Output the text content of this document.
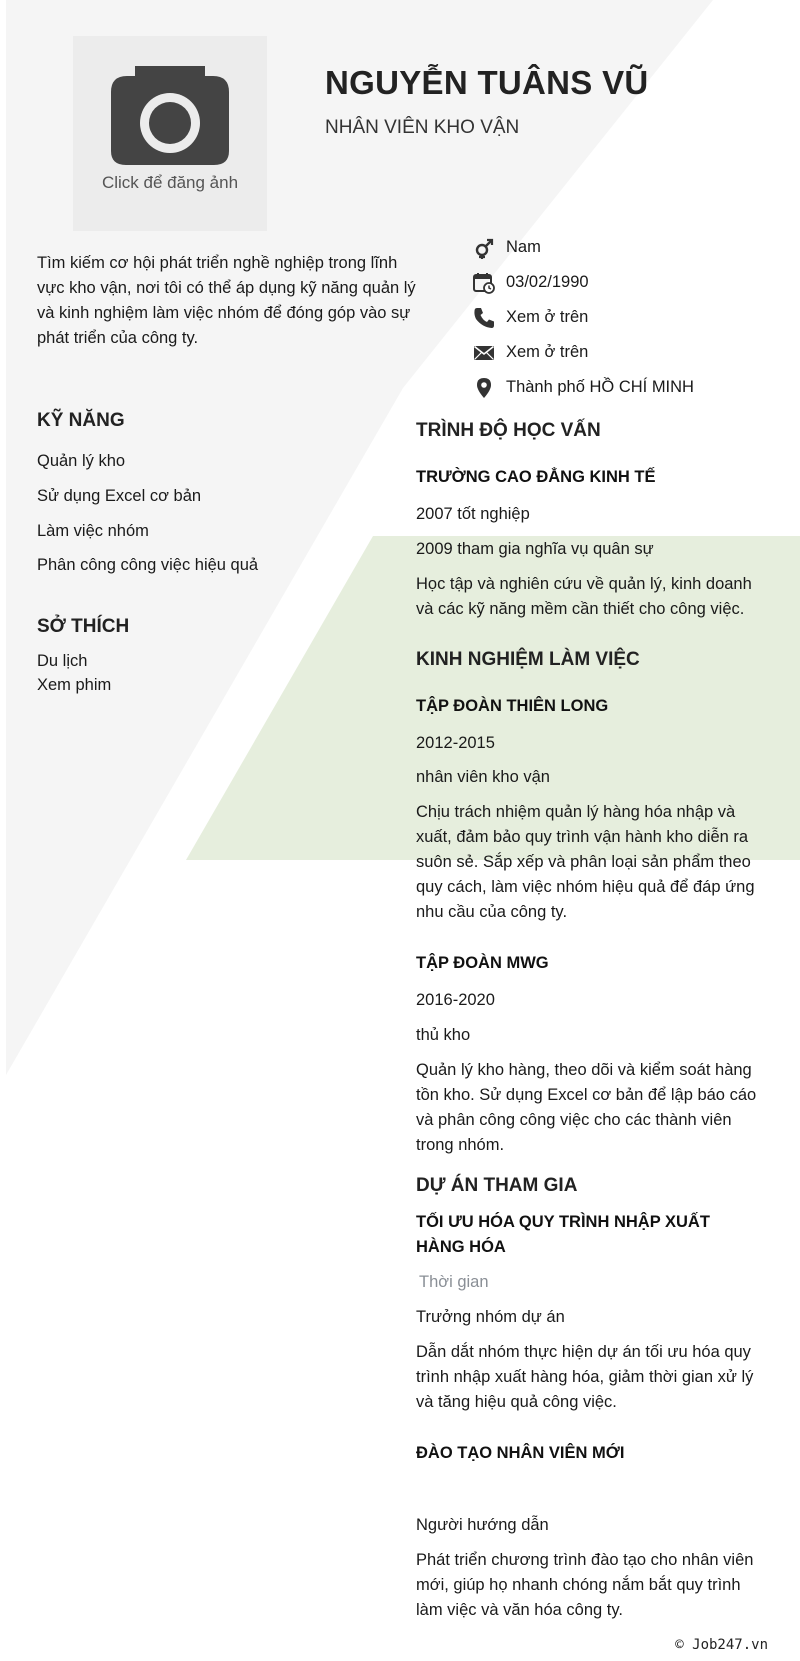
Click để đăng ảnh
NGUYỄN TUÂNS VŨ
NHÂN VIÊN KHO VẬN
Tìm kiếm cơ hội phát triển nghề nghiệp trong lĩnh vực kho vận, nơi tôi có thể áp dụng kỹ năng quản lý và kinh nghiệm làm việc nhóm để đóng góp vào sự phát triển của công ty.
Nam
03/02/1990
Xem ở trên
Xem ở trên
Thành phố HỒ CHÍ MINH
KỸ NĂNG
Quản lý kho
Sử dụng Excel cơ bản
Làm việc nhóm
Phân công công việc hiệu quả
SỞ THÍCH
Du lịch
Xem phim
TRÌNH ĐỘ HỌC VẤN
TRƯỜNG CAO ĐẲNG KINH TẾ
2007 tốt nghiệp
2009 tham gia nghĩa vụ quân sự
Học tập và nghiên cứu về quản lý, kinh doanh và các kỹ năng mềm cần thiết cho công việc.
KINH NGHIỆM LÀM VIỆC
TẬP ĐOÀN THIÊN LONG
2012-2015
nhân viên kho vận
Chịu trách nhiệm quản lý hàng hóa nhập và xuất, đảm bảo quy trình vận hành kho diễn ra suôn sẻ. Sắp xếp và phân loại sản phẩm theo quy cách, làm việc nhóm hiệu quả để đáp ứng nhu cầu của công ty.
TẬP ĐOÀN MWG
2016-2020
thủ kho
Quản lý kho hàng, theo dõi và kiểm soát hàng tồn kho. Sử dụng Excel cơ bản để lập báo cáo và phân công công việc cho các thành viên trong nhóm.
DỰ ÁN THAM GIA
TỐI ƯU HÓA QUY TRÌNH NHẬP XUẤT HÀNG HÓA
Thời gian
Trưởng nhóm dự án
Dẫn dắt nhóm thực hiện dự án tối ưu hóa quy trình nhập xuất hàng hóa, giảm thời gian xử lý và tăng hiệu quả công việc.
ĐÀO TẠO NHÂN VIÊN MỚI
Người hướng dẫn
Phát triển chương trình đào tạo cho nhân viên mới, giúp họ nhanh chóng nắm bắt quy trình làm việc và văn hóa công ty.
© Job247.vn
